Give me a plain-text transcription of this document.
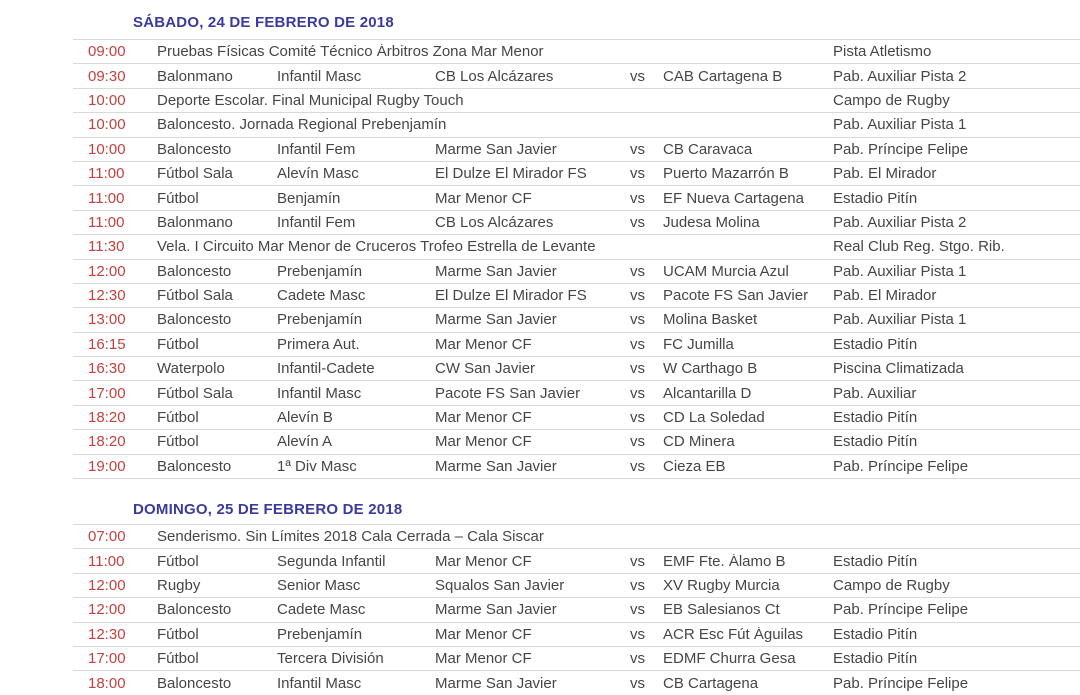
SÁBADO, 24 DE FEBRERO DE 2018
09:00	Pruebas Físicas Comité Técnico Árbitros Zona Mar Menor	Pista Atletismo
09:30	Balonmano	Infantil Masc	CB Los Alcázares	vs	CAB Cartagena B	Pab. Auxiliar Pista 2
10:00	Deporte Escolar. Final Municipal Rugby Touch	Campo de Rugby
10:00	Baloncesto. Jornada Regional Prebenjamín	Pab. Auxiliar Pista 1
10:00	Baloncesto	Infantil Fem	Marme San Javier	vs	CB Caravaca	Pab. Príncipe Felipe
11:00	Fútbol Sala	Alevín Masc	El Dulze El Mirador FS	vs	Puerto Mazarrón B	Pab. El Mirador
11:00	Fútbol	Benjamín	Mar Menor CF	vs	EF Nueva Cartagena	Estadio Pitín
11:00	Balonmano	Infantil Fem	CB Los Alcázares	vs	Judesa Molina	Pab. Auxiliar Pista 2
11:30	Vela. I Circuito Mar Menor de Cruceros Trofeo Estrella de Levante	Real Club Reg. Stgo. Rib.
12:00	Baloncesto	Prebenjamín	Marme San Javier	vs	UCAM Murcia Azul	Pab. Auxiliar Pista 1
12:30	Fútbol Sala	Cadete Masc	El Dulze El Mirador FS	vs	Pacote FS San Javier	Pab. El Mirador
13:00	Baloncesto	Prebenjamín	Marme San Javier	vs	Molina Basket	Pab. Auxiliar Pista 1
16:15	Fútbol	Primera Aut.	Mar Menor CF	vs	FC Jumilla	Estadio Pitín
16:30	Waterpolo	Infantil-Cadete	CW San Javier	vs	W Carthago B	Piscina Climatizada
17:00	Fútbol Sala	Infantil Masc	Pacote FS San Javier	vs	Alcantarilla D	Pab. Auxiliar
18:20	Fútbol	Alevín B	Mar Menor CF	vs	CD La Soledad	Estadio Pitín
18:20	Fútbol	Alevín A	Mar Menor CF	vs	CD Minera	Estadio Pitín
19:00	Baloncesto	1ª Div Masc	Marme San Javier	vs	Cieza EB	Pab. Príncipe Felipe
DOMINGO, 25 DE FEBRERO DE 2018
07:00	Senderismo. Sin Límites 2018 Cala Cerrada – Cala Siscar
11:00	Fútbol	Segunda Infantil	Mar Menor CF	vs	EMF Fte. Álamo B	Estadio Pitín
12:00	Rugby	Senior Masc	Squalos San Javier	vs	XV Rugby Murcia	Campo de Rugby
12:00	Baloncesto	Cadete Masc	Marme San Javier	vs	EB Salesianos Ct	Pab. Príncipe Felipe
12:30	Fútbol	Prebenjamín	Mar Menor CF	vs	ACR Esc Fút Águilas	Estadio Pitín
17:00	Fútbol	Tercera División	Mar Menor CF	vs	EDMF Churra Gesa	Estadio Pitín
18:00	Baloncesto	Infantil Masc	Marme San Javier	vs	CB Cartagena	Pab. Príncipe Felipe
